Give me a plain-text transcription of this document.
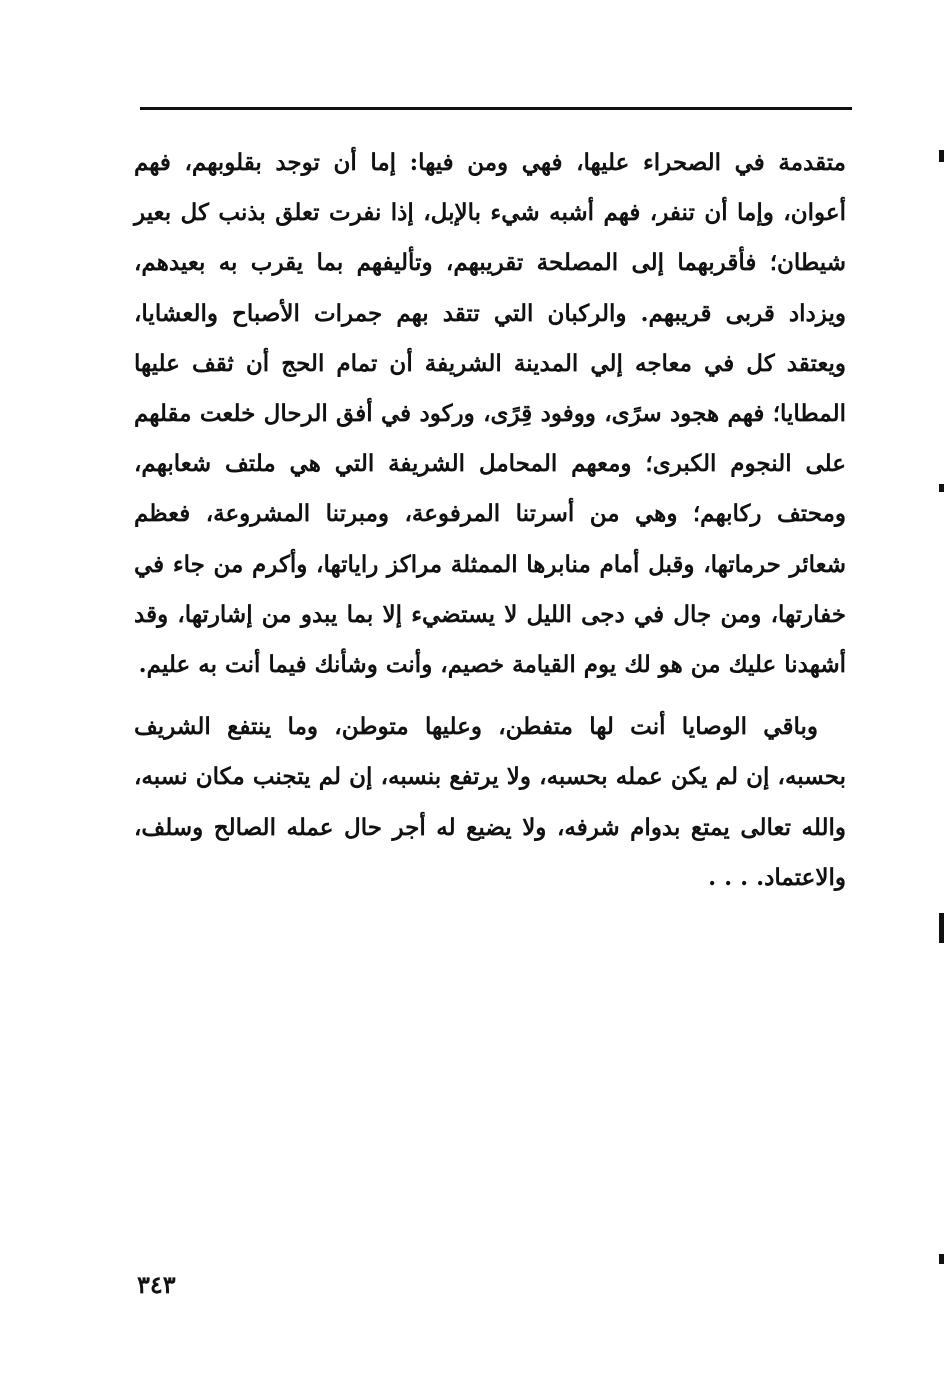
متقدمة في الصحراء عليها، فهي ومن فيها: إما أن توجد بقلوبهم، فهم أعوان، وإما أن تنفر، فهم أشبه شيء بالإبل، إذا نفرت تعلق بذنب كل بعير شيطان؛ فأقربهما إلى المصلحة تقريبهم، وتأليفهم بما يقرب به بعيدهم، ويزداد قربى قريبهم. والركبان التي تتقد بهم جمرات الأصباح والعشايا، ويعتقد كل في معاجه إلي المدينة الشريفة أن تمام الحج أن ثقف عليها المطايا؛ فهم هجود سرًى، ووفود قِرًى، وركود في أفق الرحال خلعت مقلهم على النجوم الكبرى؛ ومعهم المحامل الشريفة التي هي ملتف شعابهم، ومحتف ركابهم؛ وهي من أسرتنا المرفوعة، ومبرتنا المشروعة، فعظم شعائر حرماتها، وقبل أمام منابرها الممثلة مراكز راياتها، وأكرم من جاء في خفارتها، ومن جال في دجى الليل لا يستضيء إلا بما يبدو من إشارتها، وقد أشهدنا عليك من هو لك يوم القيامة خصيم، وأنت وشأنك فيما أنت به عليم.

وباقي الوصايا أنت لها متفطن، وعليها متوطن، وما ينتفع الشريف بحسبه، إن لم يكن عمله بحسبه، ولا يرتفع بنسبه، إن لم يتجنب مكان نسبه، والله تعالى يمتع بدوام شرفه، ولا يضيع له أجر حال عمله الصالح وسلف، والاعتماد. . . .

٣٤٣
